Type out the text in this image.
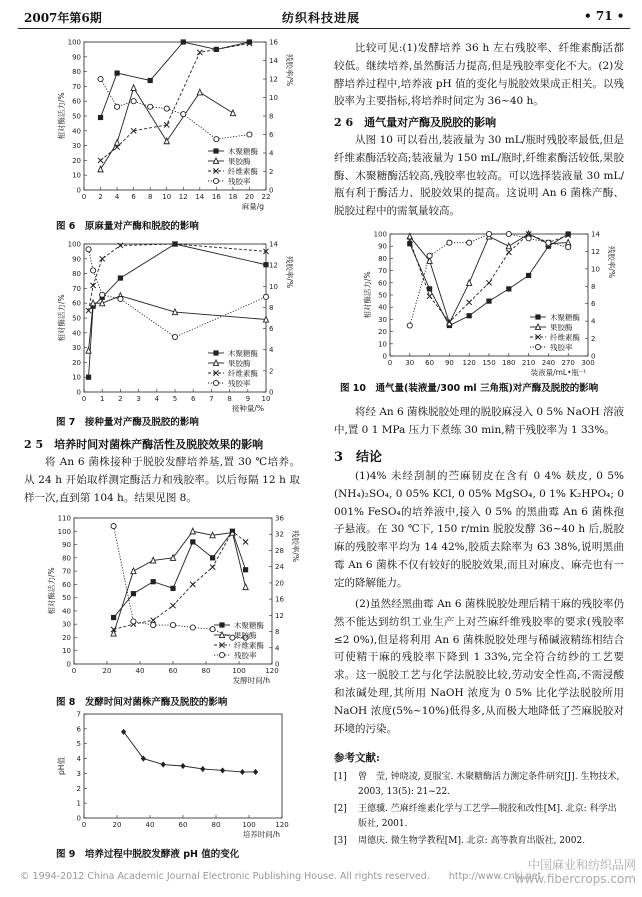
2007年第6期	纺织科技进展	• 71 •
0 2 4 6 8 10 12 14 16 18 20 22
0
10
20
30
40
50
60
70
80
90
100
0
2
4
6
8
10
12
14
16
残胶率/%
相对酶活力/%
麻量/g
木聚糖酶
果胶酶
纤维素酶
残胶率
图 6　原麻量对产酶和脱胶的影响
0 1 2 3 4 5 6 7 8 9 10
0
10
20
30
40
50
60
70
80
90
100
0
2
4
6
8
10
12
14
残胶率/%
相对酶活力/%
接种量/%
木聚糖酶
果胶酶
纤维素酶
残胶率
图 7　接种量对产酶及脱胶的影响
2 5　培养时间对菌株产酶活性及脱胶效果的影响

将 An 6 菌株接种于脱胶发酵培养基,置 30 ℃培养。从 24 h 开始取样测定酶活力和残胶率。以后每隔 12 h 取样一次,直到第 104 h。结果见图 8。

0	20	40	60	80	100	120
0
10
20
30
40
50
60
70
80
90
100
110
0
4
8
12
16
20
24
28
32
36
残胶率/%
相对酶活力/%
发酵时间/h
木聚糖酶
果胶酶
纤维素酶
残胶率
图 8　发酵时间对菌株产酶及脱胶的影响
0	20	40	60	80	100	120
0
1
2
3
4
5
6
7
pH值
培养时间/h
图 9　培养过程中脱胶发酵液 pH 值的变化

比较可见:(1)发酵培养 36 h 左右残胶率、纤维素酶活都较低。继续培养,虽然酶活力提高,但是残胶率变化不大。(2)发酵培养过程中,培养液 pH 值的变化与脱胶效果成正相关。以残胶率为主要指标,将培养时间定为 36~40 h。

2 6　通气量对产酶及脱胶的影响

从图 10 可以看出,装液量为 30 mL/瓶时残胶率最低,但是纤维素酶活较高;装液量为 150 mL/瓶时,纤维素酶活较低,果胶酶、木聚糖酶活较高,残胶率也较高。可以选择装液量 30 mL/瓶有利于酶活力、脱胶效果的提高。这说明 An 6 菌株产酶、脱胶过程中的需氧量较高。

0 30 60 90 120 150 180 210 240 270 300
0
10
20
30
40
50
60
70
80
90
100
0
2
4
6
8
10
12
14
残胶率/%
相对酶活力/%
装液量/mL•瓶⁻¹
木聚糖酶
果胶酶
纤维素酶
残胶率
图 10　通气量(装液量/300 ml 三角瓶)对产酶及脱胶的影响

将经 An 6 菌株脱胶处理的脱胶麻浸入 0 5% NaOH 溶液中,置 0 1 MPa 压力下煮练 30 min,精干残胶率为 1 33%。

3　结论

(1)4% 未经刮制的苎麻韧皮在含有 0 4% 麸皮, 0 5%(NH₄)₂SO₄, 0 05% KCl, 0 05% MgSO₄, 0 1% K₂HPO₄; 0 001% FeSO₄的培养液中,接入 0 5% 的黑曲霉 An 6 菌株孢子悬液。在 30 ℃下, 150 r/min 脱胶发酵 36~40 h 后,脱胶麻的残胶率平均为 14 42%,胶质去除率为 63 38%,说明黑曲霉 An 6 菌株不仅有较好的脱胶效果,而且对麻皮、麻壳也有一定的降解能力。

(2)虽然经黑曲霉 An 6 菌株脱胶处理后精干麻的残胶率仍然不能达到纺织工业生产上对苎麻纤维残胶率的要求(残胶率≤2 0%),但是将利用 An 6 菌株脱胶处理与稀碱液精练相结合可使精干麻的残胶率下降到 1 33%,完全符合纺纱的工艺要求。这一脱胶工艺与化学法脱胶比较,劳动安全性高,不需浸酸和浓碱处理,其所用 NaOH 浓度为 0 5% 比化学法脱胶所用 NaOH 浓度(5%~10%)低得多,从而极大地降低了苎麻脱胶对环境的污染。

参考文献:
[1]	曾　莹, 钟晓凌, 夏服宝. 木聚糖酶活力测定条件研究[J]. 生物技术, 2003, 13(5): 21~22.
[2]	王德骥. 苎麻纤维素化学与工艺学—脱胶和改性[M]. 北京: 科学出版社, 2001.
[3]	周德庆. 微生物学教程[M]. 北京: 高等教育出版社, 2002.
© 1994-2012 China Academic Journal Electronic Publishing House. All rights reserved.　　http://www.cnki.net
中国麻业和纺织品网
www.fibercrops.com
